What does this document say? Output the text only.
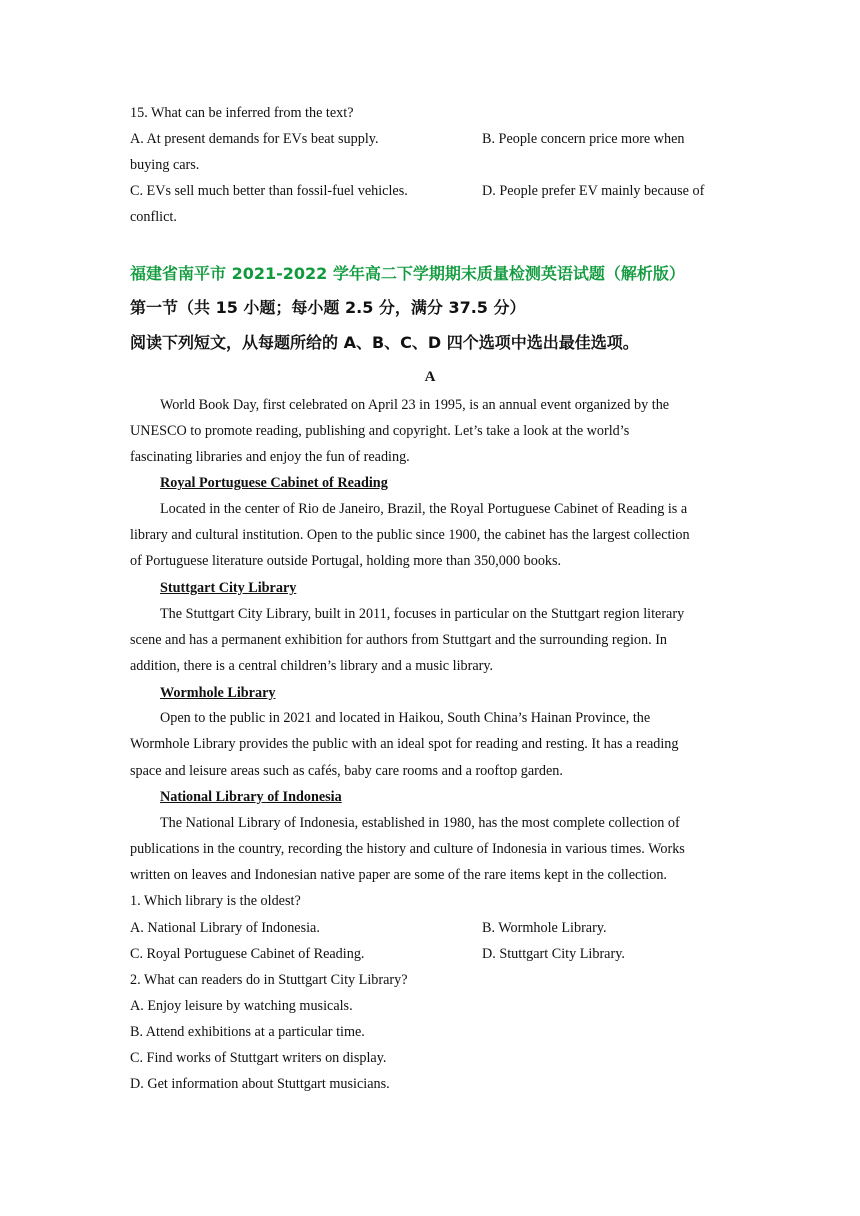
15. What can be inferred from the text?
A. At present demands for EVs beat supply.	B. People concern price more when
buying cars.
C. EVs sell much better than fossil-fuel vehicles.	D. People prefer EV mainly because of
conflict.
福建省南平市 2021-2022 学年高二下学期期末质量检测英语试题（解析版）
第一节（共 15 小题；每小题 2.5 分，满分 37.5 分）
阅读下列短文，从每题所给的 A、B、C、D 四个选项中选出最佳选项。
A
World Book Day, first celebrated on April 23 in 1995, is an annual event organized by the
UNESCO to promote reading, publishing and copyright. Let’s take a look at the world’s
fascinating libraries and enjoy the fun of reading.
Royal Portuguese Cabinet of Reading
Located in the center of Rio de Janeiro, Brazil, the Royal Portuguese Cabinet of Reading is a
library and cultural institution. Open to the public since 1900, the cabinet has the largest collection
of Portuguese literature outside Portugal, holding more than 350,000 books.
Stuttgart City Library
The Stuttgart City Library, built in 2011, focuses in particular on the Stuttgart region literary
scene and has a permanent exhibition for authors from Stuttgart and the surrounding region. In
addition, there is a central children’s library and a music library.
Wormhole Library
Open to the public in 2021 and located in Haikou, South China’s Hainan Province, the
Wormhole Library provides the public with an ideal spot for reading and resting. It has a reading
space and leisure areas such as cafés, baby care rooms and a rooftop garden.
National Library of Indonesia
The National Library of Indonesia, established in 1980, has the most complete collection of
publications in the country, recording the history and culture of Indonesia in various times. Works
written on leaves and Indonesian native paper are some of the rare items kept in the collection.
1. Which library is the oldest?
A. National Library of Indonesia.	B. Wormhole Library.
C. Royal Portuguese Cabinet of Reading.	D. Stuttgart City Library.
2. What can readers do in Stuttgart City Library?
A. Enjoy leisure by watching musicals.
B. Attend exhibitions at a particular time.
C. Find works of Stuttgart writers on display.
D. Get information about Stuttgart musicians.
